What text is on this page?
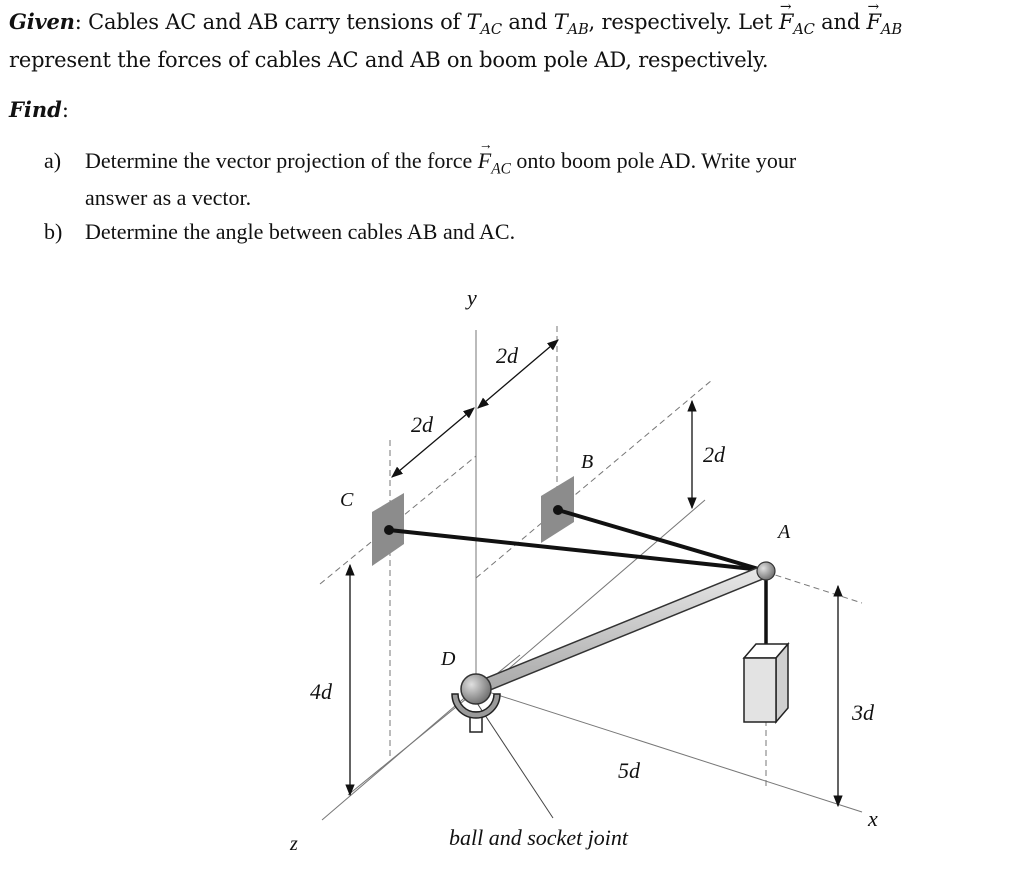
Given: Cables AC and AB carry tensions of $T_{AC}$ and $T_{AB}$, respectively. Let → $F_{AC}$ and → $F_{AB}$
represent the forces of cables AC and AB on boom pole AD, respectively.
Find:
a) Determine the vector projection of the force → $F_{AC}$ onto boom pole AD. Write your
answer as a vector.
b) Determine the angle between cables AB and AC.
y
x
z
A
B
C
D
2d
2d
2d
4d
3d
5d
ball and socket joint
